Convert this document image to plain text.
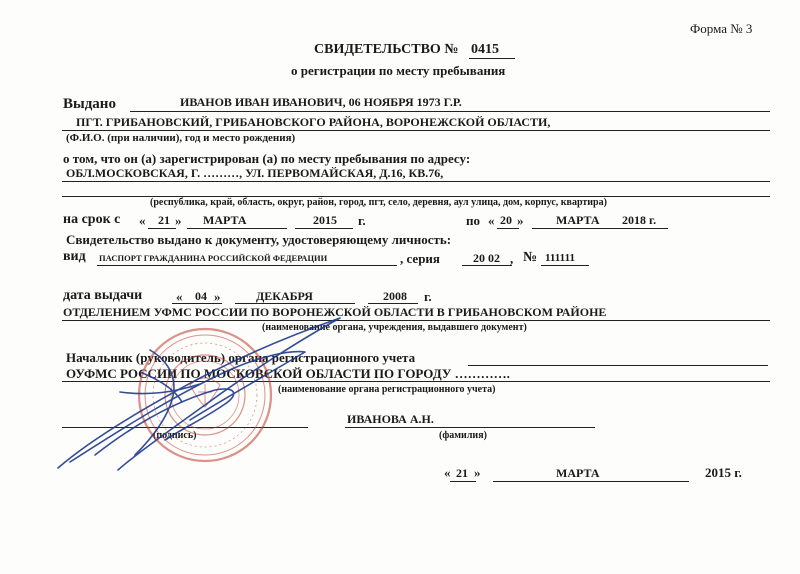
Форма № 3
СВИДЕТЕЛЬСТВО № 0415
о регистрации по месту пребывания
Выдано	ИВАНОВ ИВАН ИВАНОВИЧ, 06 НОЯБРЯ 1973 Г.Р.
ПГТ. ГРИБАНОВСКИЙ, ГРИБАНОВСКОГО РАЙОНА, ВОРОНЕЖСКОЙ ОБЛАСТИ,
(Ф.И.О. (при наличии), год и место рождения)
о том, что он (а) зарегистрирован (а) по месту пребывания по адресу:
ОБЛ.МОСКОВСКАЯ, Г. ………, УЛ. ПЕРВОМАЙСКАЯ, Д.16, КВ.76,
(республика, край, область, округ, район, город, пгт, село, деревня, аул улица, дом, корпус, квартира)
на срок с « 21 » МАРТА	2015 г.	по « 20 »	МАРТА 2018 г.
Свидетельство выдано к документу, удостоверяющему личность:
вид ПАСПОРТ ГРАЖДАНИНА РОССИЙСКОЙ ФЕДЕРАЦИИ	, серия	20 02 , № 111111
дата выдачи	« 04 »	ДЕКАБРЯ	2008 г.
ОТДЕЛЕНИЕМ УФМС РОССИИ ПО ВОРОНЕЖСКОЙ ОБЛАСТИ В ГРИБАНОВСКОМ РАЙОНЕ
(наименование органа, учреждения, выдавшего документ)
Начальник (руководитель) органа регистрационного учета
ОУФМС РОССИИ ПО МОСКОВСКОЙ ОБЛАСТИ ПО ГОРОДУ ………….
(наименование органа регистрационного учета)
(подпись)
ИВАНОВА А.Н.
(фамилия)
« 21 »	МАРТА	2015 г.
